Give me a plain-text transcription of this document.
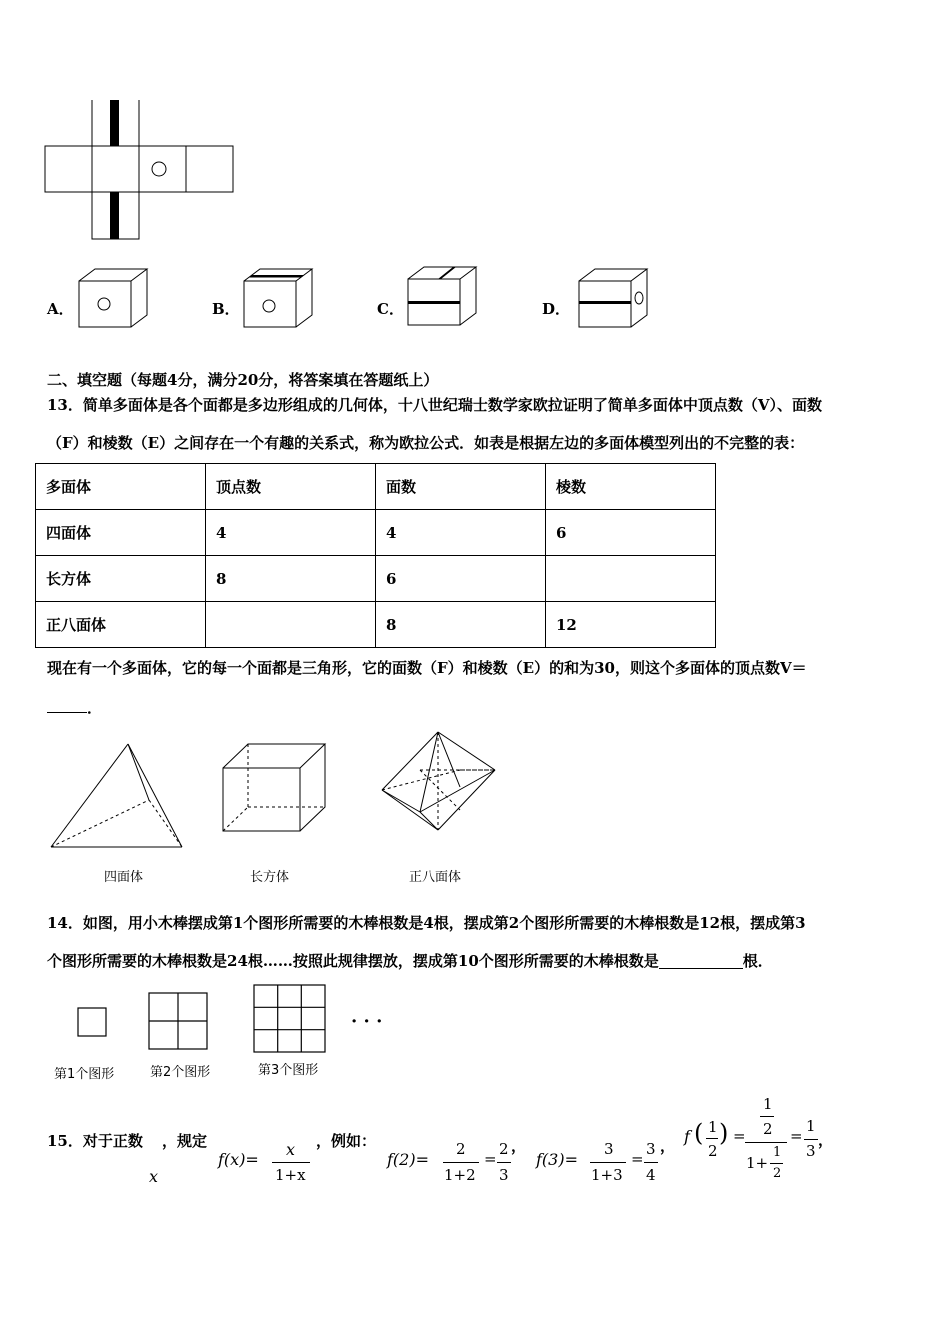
A．	B．	C．	D．
二、填空题（每题4分，满分20分，将答案填在答题纸上）
13．简单多面体是各个面都是多边形组成的几何体，十八世纪瑞士数学家欧拉证明了简单多面体中顶点数（V）、面数
（F）和棱数（E）之间存在一个有趣的关系式，称为欧拉公式．如表是根据左边的多面体模型列出的不完整的表：
多面体	顶点数	面数	棱数
四面体	4	4	6
长方体	8	6	
正八面体		8	12
现在有一个多面体，它的每一个面都是三角形，它的面数（F）和棱数（E）的和为30，则这个多面体的顶点数V＝
．
四面体	长方体	正八面体
14．如图，用小木棒摆成第1个图形所需要的木棒根数是4根，摆成第2个图形所需要的木棒根数是12根，摆成第3
个图形所需要的木棒根数是24根……按照此规律摆放，摆成第10个图形所需要的木棒根数是	根．
· · ·
第1个图形	第2个图形	第3个图形
15．对于正数
x
，规定
f(x)=
x
1+x
，例如：
f(2)=
2
1+2
=
2
3
，
f(3)=
3
1+3
=
3
4
， f ( 1
2
) =
1
2
1+
1
2
=
1
3
，
